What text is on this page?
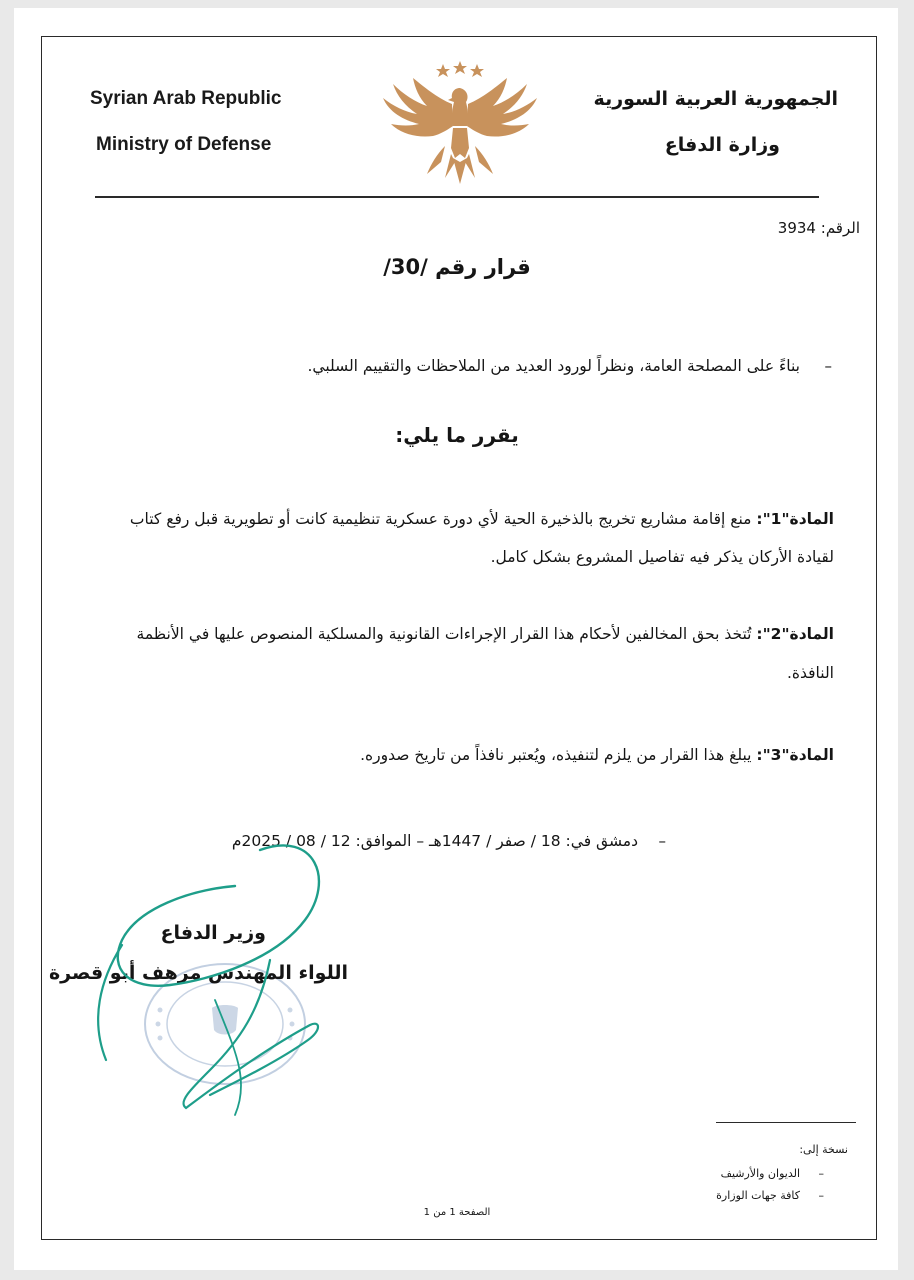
Syrian Arab Republic
Ministry of Defense
الجمهورية العربية السورية
وزارة الدفاع
الرقم: 3934
قرار رقم /30/
–
بناءً على المصلحة العامة، ونظراً لورود العديد من الملاحظات والتقييم السلبي.
يقرر ما يلي:
المادة"1": منع إقامة مشاريع تخريج بالذخيرة الحية لأي دورة عسكرية تنظيمية كانت أو تطويرية قبل رفع كتاب
لقيادة الأركان يذكر فيه تفاصيل المشروع بشكل كامل.
المادة"2": تُتخذ بحق المخالفين لأحكام هذا القرار الإجراءات القانونية والمسلكية المنصوص عليها في الأنظمة
النافذة.
المادة"3": يبلغ هذا القرار من يلزم لتنفيذه، ويُعتبر نافذاً من تاريخ صدوره.
–
دمشق في: 18 / صفر / 1447هـ – الموافق: 12 / 08 / 2025م
وزير الدفاع
اللواء المهندس مرهف أبو قصرة
نسخة إلى:
–
الديوان والأرشيف
–
كافة جهات الوزارة
الصفحة 1 من 1
